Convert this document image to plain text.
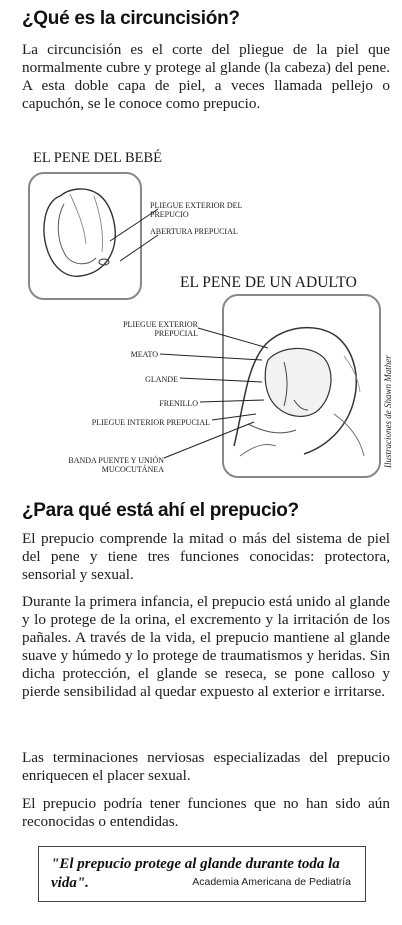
¿Qué es la circuncisión?
La circuncisión es el corte del pliegue de la piel que normalmente cubre y protege al glande (la cabeza) del pene. A esta doble capa de piel, a veces llamada pellejo o capuchón, se le conoce como prepucio.
EL PENE DEL BEBÉ
PLIEGUE EXTERIOR DEL PREPUCIO
ABERTURA PREPUCIAL
EL PENE DE UN ADULTO
PLIEGUE EXTERIOR PREPUCIAL
MEATO
GLANDE
FRENILLO
PLIEGUE INTERIOR PREPUCIAL
BANDA PUENTE Y UNIÓN MUCOCUTÁNEA
Ilustraciones de Shawn Mather
¿Para qué está ahí el prepucio?
El prepucio comprende la mitad o más del sistema de piel del pene y tiene tres funciones conocidas: protectora, sensorial y sexual.
Durante la primera infancia, el prepucio está unido al glande y lo protege de la orina, el excremento y la irritación de los pañales. A través de la vida, el prepucio mantiene al glande suave y húmedo y lo protege de traumatismos y heridas. Sin dicha protección, el glande se reseca, se pone calloso y pierde sensibilidad al quedar expuesto al exterior e irritarse.
Las terminaciones nerviosas especializadas del prepucio enriquecen el placer sexual.
El prepucio podría tener funciones que no han sido aún reconocidas o entendidas.
"El prepucio protege al glande durante toda la vida".	Academia Americana de Pediatría
